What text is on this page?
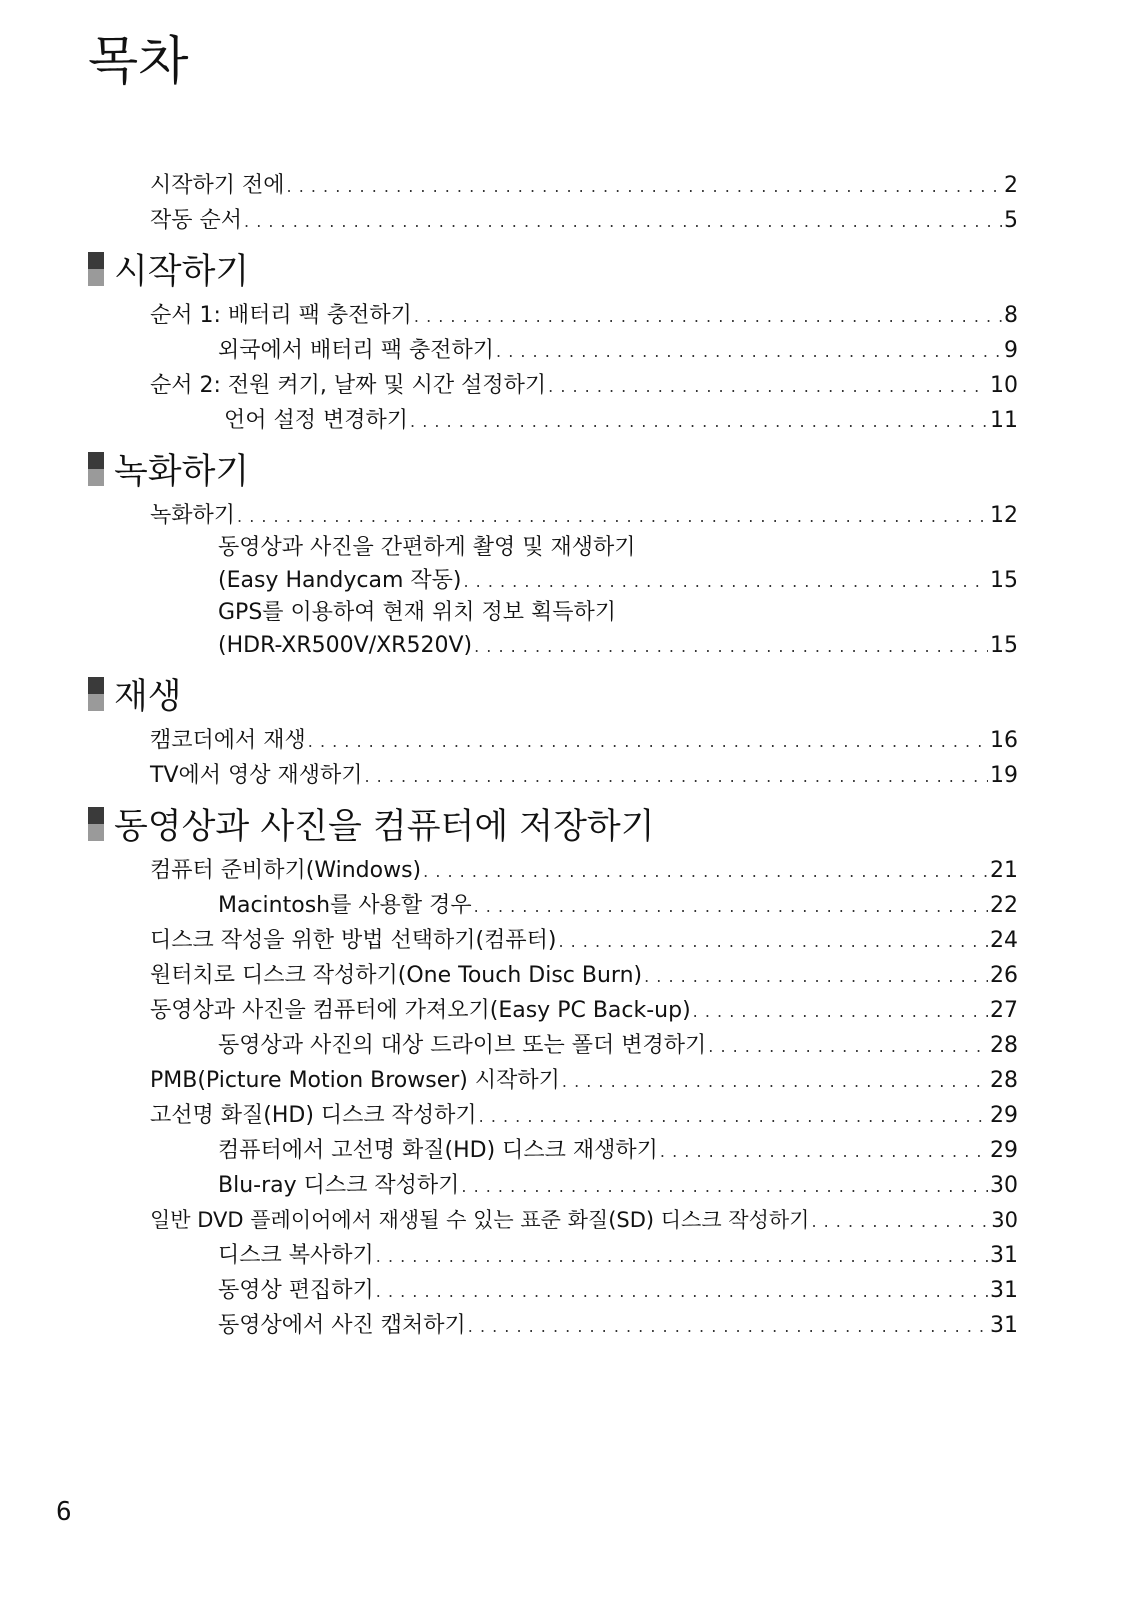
목차
시작하기 전에 . . .	2
작동 순서 . . .	5
시작하기
순서 1: 배터리 팩 충전하기 . . .	8
외국에서 배터리 팩 충전하기 . . .	9
순서 2: 전원 켜기, 날짜 및 시간 설정하기 . . .	10
언어 설정 변경하기 . . .	11
녹화하기
녹화하기 . . .	12
동영상과 사진을 간편하게 촬영 및 재생하기
(Easy Handycam 작동) . . .	15
GPS를 이용하여 현재 위치 정보 획득하기
(HDR-XR500V/XR520V) . . .	15
재생
캠코더에서 재생 . . .	16
TV에서 영상 재생하기 . . .	19
동영상과 사진을 컴퓨터에 저장하기
컴퓨터 준비하기(Windows) . . .	21
Macintosh를 사용할 경우 . . .	22
디스크 작성을 위한 방법 선택하기(컴퓨터) . . .	24
원터치로 디스크 작성하기(One Touch Disc Burn) . . .	26
동영상과 사진을 컴퓨터에 가져오기(Easy PC Back-up) . . .	27
동영상과 사진의 대상 드라이브 또는 폴더 변경하기 . . .	28
PMB(Picture Motion Browser) 시작하기 . . .	28
고선명 화질(HD) 디스크 작성하기 . . .	29
컴퓨터에서 고선명 화질(HD) 디스크 재생하기 . . .	29
Blu-ray 디스크 작성하기 . . .	30
일반 DVD 플레이어에서 재생될 수 있는 표준 화질(SD) 디스크 작성하기 . . .	30
디스크 복사하기 . . .	31
동영상 편집하기 . . .	31
동영상에서 사진 캡처하기 . . .	31
6
